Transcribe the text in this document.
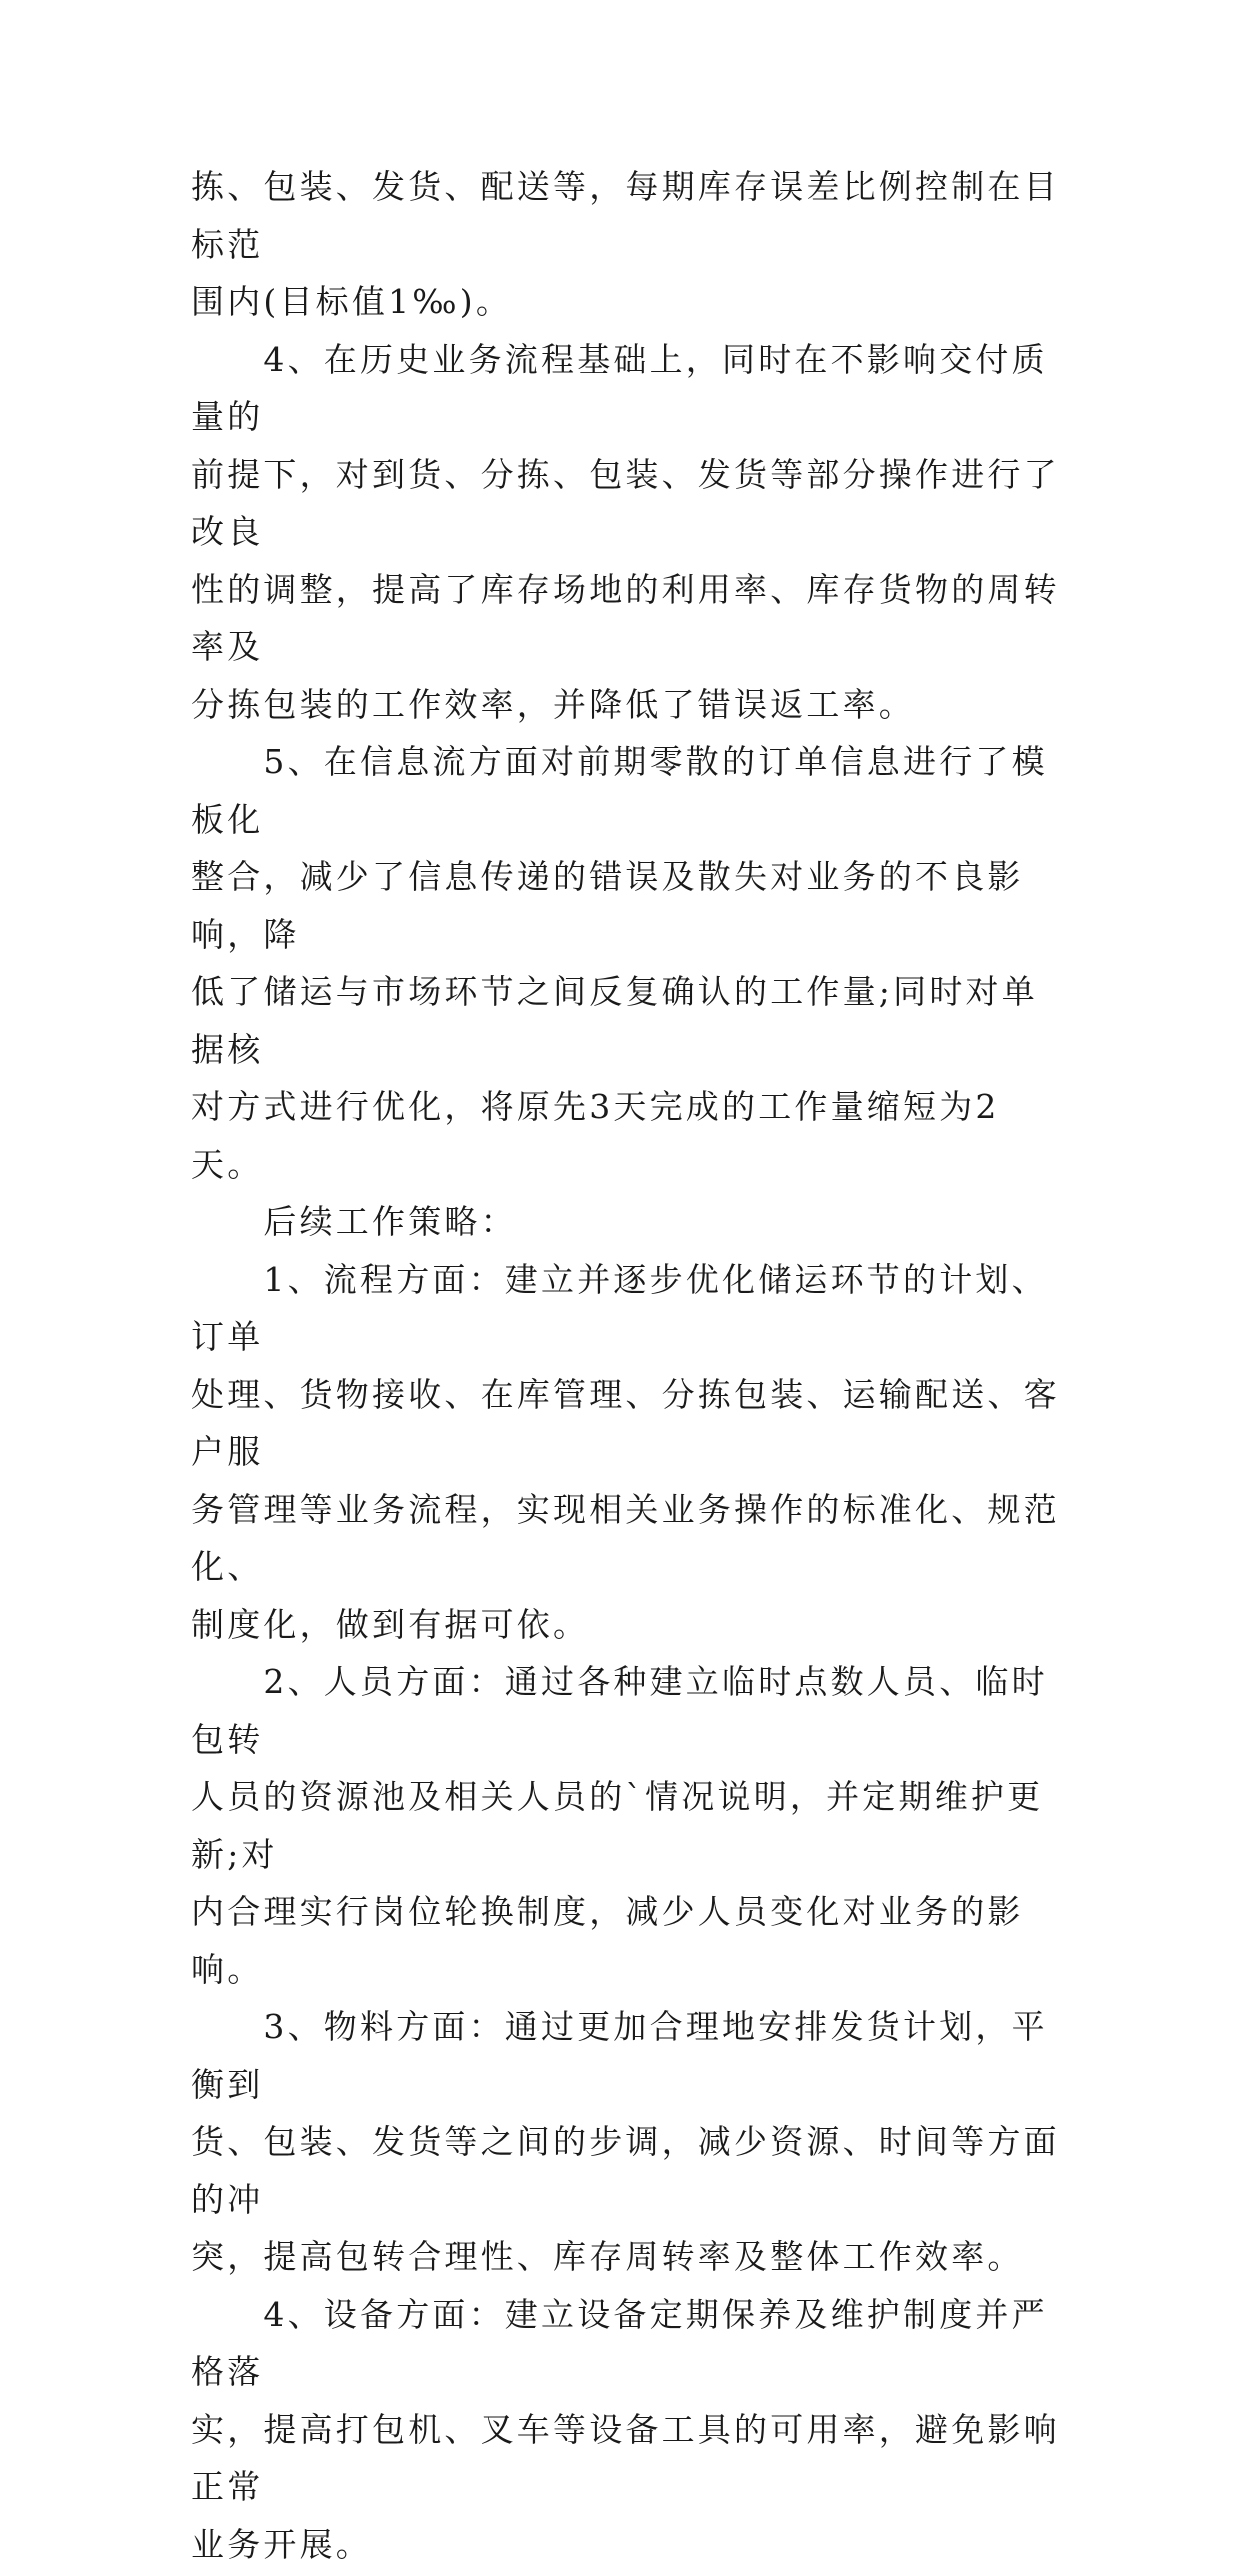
拣、包装、发货、配送等，每期库存误差比例控制在目标范
围内(目标值1‰)。

　　4、在历史业务流程基础上，同时在不影响交付质量的
前提下，对到货、分拣、包装、发货等部分操作进行了改良
性的调整，提高了库存场地的利用率、库存货物的周转率及
分拣包装的工作效率，并降低了错误返工率。

　　5、在信息流方面对前期零散的订单信息进行了模板化
整合，减少了信息传递的错误及散失对业务的不良影响，降
低了储运与市场环节之间反复确认的工作量;同时对单据核
对方式进行优化，将原先3天完成的工作量缩短为2天。

　　后续工作策略：

　　1、流程方面：建立并逐步优化储运环节的计划、订单
处理、货物接收、在库管理、分拣包装、运输配送、客户服
务管理等业务流程，实现相关业务操作的标准化、规范化、
制度化，做到有据可依。

　　2、人员方面：通过各种建立临时点数人员、临时包转
人员的资源池及相关人员的`情况说明，并定期维护更新;对
内合理实行岗位轮换制度，减少人员变化对业务的影响。

　　3、物料方面：通过更加合理地安排发货计划，平衡到
货、包装、发货等之间的步调，减少资源、时间等方面的冲
突，提高包转合理性、库存周转率及整体工作效率。

　　4、设备方面：建立设备定期保养及维护制度并严格落
实，提高打包机、叉车等设备工具的可用率，避免影响正常
业务开展。
